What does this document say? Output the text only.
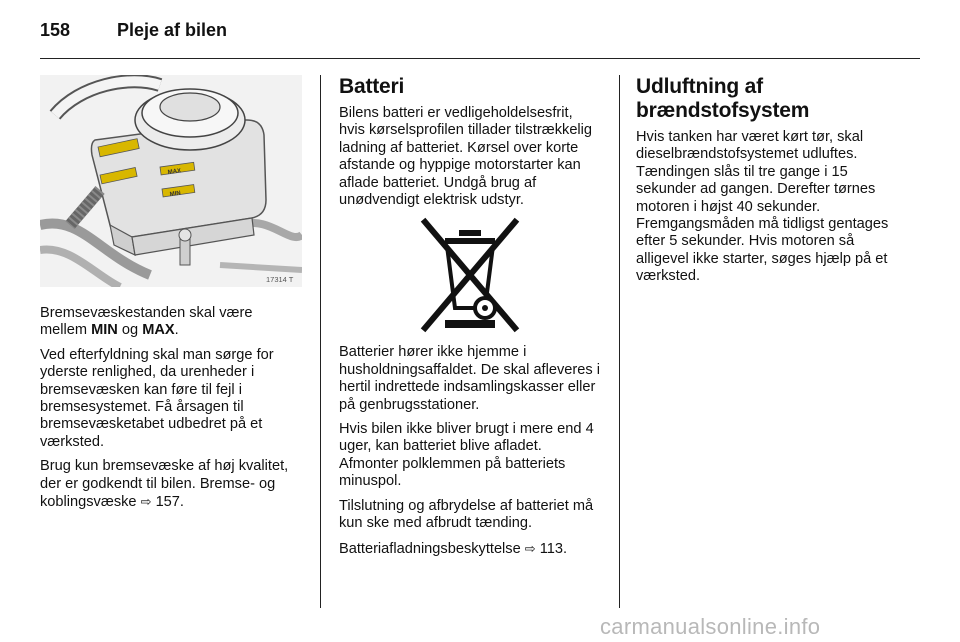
158	Pleje af bilen
MAX
MIN
17314 T

Bremsevæskestanden skal være mellem MIN og MAX.

Ved efterfyldning skal man sørge for yderste renlighed, da urenheder i bremsevæsken kan føre til fejl i bremsesystemet. Få årsagen til bremsevæsketabet udbedret på et værksted.

Brug kun bremsevæske af høj kvalitet, der er godkendt til bilen. Bremse- og koblingsvæske ⇨ 157.

Batteri

Bilens batteri er vedligeholdelsesfrit, hvis kørselsprofilen tillader tilstrækkelig ladning af batteriet. Kørsel over korte afstande og hyppige motorstarter kan aflade batteriet. Undgå brug af unødvendigt elektrisk udstyr.

Batterier hører ikke hjemme i husholdningsaffaldet. De skal afleveres i hertil indrettede indsamlingskasser eller på genbrugsstationer.

Hvis bilen ikke bliver brugt i mere end 4 uger, kan batteriet blive afladet. Afmonter polklemmen på batteriets minuspol.

Tilslutning og afbrydelse af batteriet må kun ske med afbrudt tænding.

Batteriafladningsbeskyttelse ⇨ 113.

Udluftning af brændstofsystem

Hvis tanken har været kørt tør, skal dieselbrændstofsystemet udluftes. Tændingen slås til tre gange i 15 sekunder ad gangen. Derefter tørnes motoren i højst 40 sekunder. Fremgangsmåden må tidligst gentages efter 5 sekunder. Hvis motoren så alligevel ikke starter, søges hjælp på et værksted.

carmanualsonline.info
